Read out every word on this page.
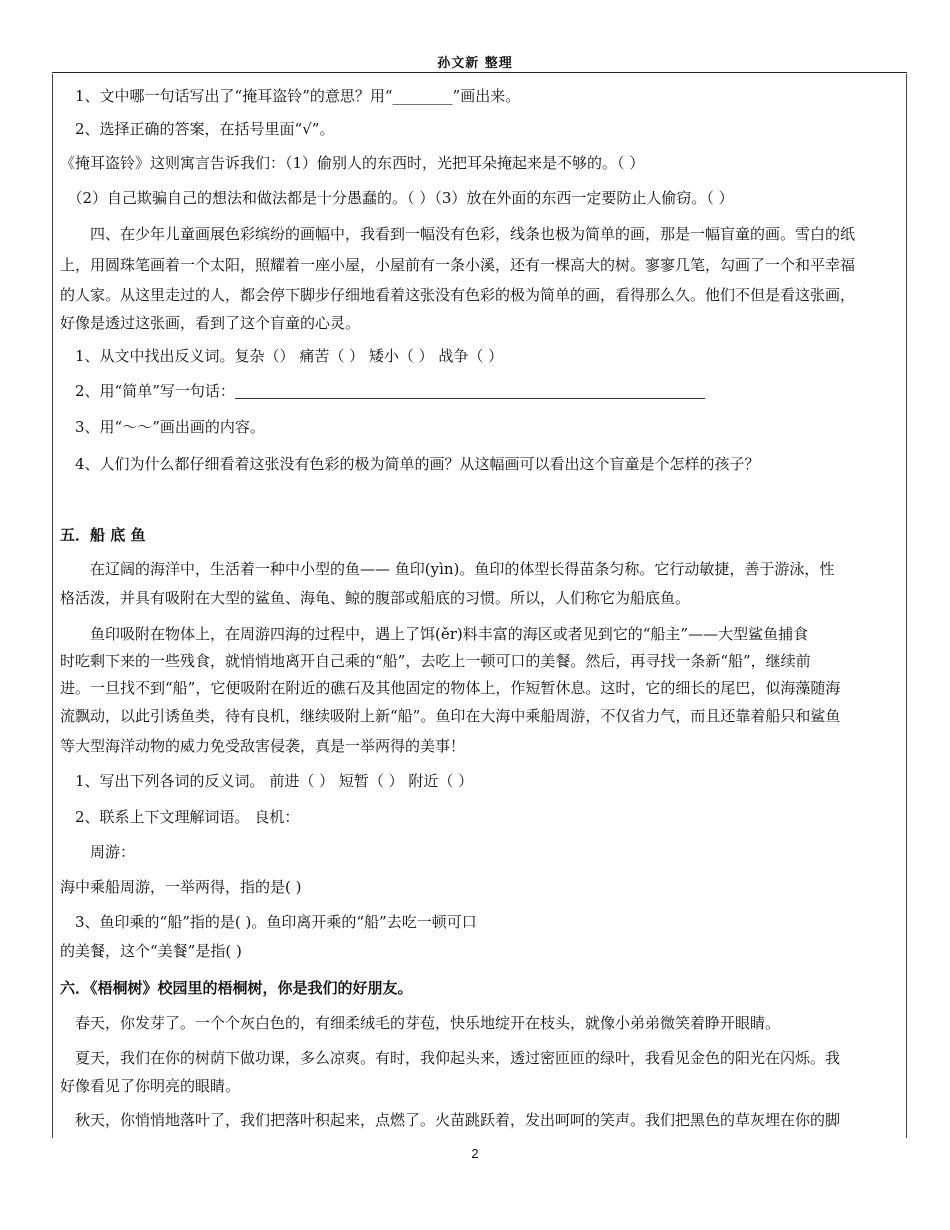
孙文新 整理
　1、文中哪一句话写出了“掩耳盗铃”的意思？用“________”画出来。
　2、选择正确的答案，在括号里面“√”。
《掩耳盗铃》这则寓言告诉我们：（1）偷别人的东西时，光把耳朵掩起来是不够的。（ ）
　（2）自己欺骗自己的想法和做法都是十分愚蠢的。（ ）（3）放在外面的东西一定要防止人偷窃。（ ）
　　四、在少年儿童画展色彩缤纷的画幅中，我看到一幅没有色彩，线条也极为简单的画，那是一幅盲童的画。雪白的纸
上，用圆珠笔画着一个太阳，照耀着一座小屋，小屋前有一条小溪，还有一棵高大的树。寥寥几笔，勾画了一个和平幸福
的人家。从这里走过的人，都会停下脚步仔细地看着这张没有色彩的极为简单的画，看得那么久。他们不但是看这张画，
好像是透过这张画，看到了这个盲童的心灵。
　1、从文中找出反义词。复杂（） 痛苦（ ） 矮小（ ） 战争（ ）
　2、用“简单”写一句话：
　3、用“～～”画出画的内容。
　4、人们为什么都仔细看着这张没有色彩的极为简单的画？从这幅画可以看出这个盲童是个怎样的孩子？
五．船 底 鱼
　　在辽阔的海洋中，生活着一种中小型的鱼—— 鱼印(yìn)。鱼印的体型长得苗条匀称。它行动敏捷，善于游泳，性
格活泼，并具有吸附在大型的鲨鱼、海龟、鲸的腹部或船底的习惯。所以，人们称它为船底鱼。
　　鱼印吸附在物体上，在周游四海的过程中，遇上了饵(ěr)料丰富的海区或者见到它的“船主”——大型鲨鱼捕食
时吃剩下来的一些残食，就悄悄地离开自己乘的“船”，去吃上一顿可口的美餐。然后，再寻找一条新“船”，继续前
进。一旦找不到“船”，它便吸附在附近的礁石及其他固定的物体上，作短暂休息。这时，它的细长的尾巴，似海藻随海
流飘动，以此引诱鱼类，待有良机，继续吸附上新“船”。鱼印在大海中乘船周游，不仅省力气，而且还靠着船只和鲨鱼
等大型海洋动物的威力免受敌害侵袭，真是一举两得的美事！
　1、写出下列各词的反义词。 前进（ ） 短暂（ ） 附近（ ）
　2、联系上下文理解词语。 良机：
　　周游：
海中乘船周游，一举两得，指的是( )
　3、鱼印乘的“船”指的是( )。鱼印离开乘的“船”去吃一顿可口
的美餐，这个“美餐”是指( )
六．《梧桐树》校园里的梧桐树，你是我们的好朋友。
　春天，你发芽了。一个个灰白色的，有细柔绒毛的芽苞，快乐地绽开在枝头，就像小弟弟微笑着睁开眼睛。
　夏天，我们在你的树荫下做功课，多么凉爽。有时，我仰起头来，透过密匝匝的绿叶，我看见金色的阳光在闪烁。我
好像看见了你明亮的眼睛。
　秋天，你悄悄地落叶了，我们把落叶积起来，点燃了。火苗跳跃着，发出呵呵的笑声。我们把黑色的草灰埋在你的脚
2
